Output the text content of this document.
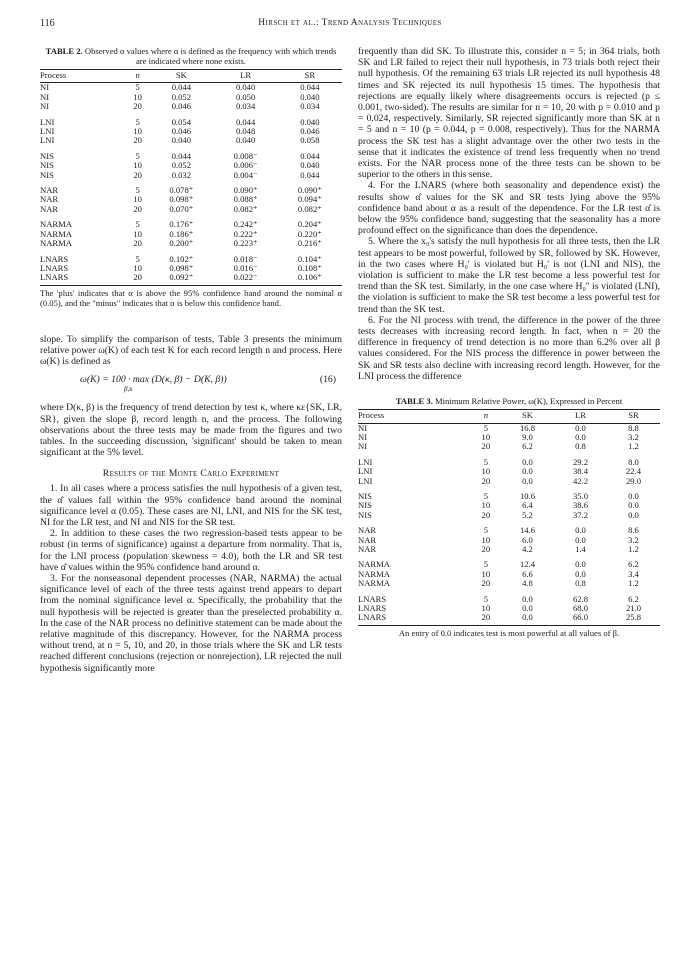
116	Hirsch et al.: Trend Analysis Techniques
TABLE 2. Observed α values where α is defined as the frequency with which trends are indicated where none exists.
Process	n	SK	LR	SR
NI	5	0.044	0.040	0.044
NI	10	0.052	0.050	0.040
NI	20	0.046	0.034	0.034
LNI	5	0.054	0.044	0.040
LNI	10	0.046	0.048	0.046
LNI	20	0.040	0.040	0.058
NIS	5	0.044	0.008⁻	0.044
NIS	10	0.052	0.006⁻	0.040
NIS	20	0.032	0.004⁻	0.044
NAR	5	0.078⁺	0.090⁺	0.090⁺
NAR	10	0.098⁺	0.088⁺	0.094⁺
NAR	20	0.070⁺	0.082⁺	0.082⁺
NARMA	5	0.176⁺	0.242⁺	0.204⁺
NARMA	10	0.186⁺	0.222⁺	0.220⁺
NARMA	20	0.200⁺	0.223⁺	0.216⁺
LNARS	5	0.102⁺	0.018⁻	0.104⁺
LNARS	10	0.098⁺	0.016⁻	0.108⁺
LNARS	20	0.092⁺	0.022⁻	0.106⁺

The 'plus' indicates that α is above the 95% confidence band around the nominal α (0.05), and the "minus" indicates that α is below this confidence band.

slope. To simplify the comparison of tests, Table 3 presents the minimum relative power ω(K) of each test K for each record length n and process. Here ω(K) is defined as

ω(K) = 100 · max (D(κ, β) − D(K, β))
β,κ
(16)

where D(κ, β) is the frequency of trend detection by test κ, where κε{SK, LR, SR}, given the slope β, record length n, and the process. The following observations about the three tests may be made from the figures and two tables. In the succeeding discussion, 'significant' should be taken to mean significant at the 5% level.

Results of the Monte Carlo Experiment

1. In all cases where a process satisfies the null hypothesis of a given test, the α̂ values fall within the 95% confidence band around the nominal significance level α (0.05). These cases are NI, LNI, and NIS for the SK test, NI for the LR test, and NI and NIS for the SR test.

2. In addition to these cases the two regression-based tests appear to be robust (in terms of significance) against a departure from normality. That is, for the LNI process (population skewness = 4.0), both the LR and SR test have α̂ values within the 95% confidence band around α.

3. For the nonseasonal dependent processes (NAR, NARMA) the actual significance level of each of the three tests against trend appears to depart from the nominal significance level α. Specifically, the probability that the null hypothesis will be rejected is greater than the preselected probability α. In the case of the NAR process no definitive statement can be made about the relative magnitude of this discrepancy. However, for the NARMA process without trend, at n = 5, 10, and 20, in those trials where the SK and LR tests reached different conclusions (rejection or nonrejection), LR rejected the null hypothesis significantly more

frequently than did SK. To illustrate this, consider n = 5; in 364 trials, both SK and LR failed to reject their null hypothesis, in 73 trials both reject their null hypothesis. Of the remaining 63 trials LR rejected its null hypothesis 48 times and SK rejected its null hypothesis 15 times. The hypothesis that rejections are equally likely where disagreements occurs is rejected (p ≤ 0.001, two-sided). The results are similar for n = 10, 20 with p = 0.010 and p = 0.024, respectively. Similarly, SR rejected significantly more than SK at n = 5 and n = 10 (p = 0.044, p = 0.008, respectively). Thus for the NARMA process the SK test has a slight advantage over the other two tests in the sense that it indicates the existence of trend less frequently when no trend exists. For the NAR process none of the three tests can be shown to be superior to the others in this sense.

4. For the LNARS (where both seasonality and dependence exist) the results show α̂ values for the SK and SR tests lying above the 95% confidence band about α as a result of the dependence. For the LR test α̂ is below the 95% confidence band, suggesting that the seasonality has a more profound effect on the significance than does the dependence.

5. Where the x₀'s satisfy the null hypothesis for all three tests, then the LR test appears to be most powerful, followed by SR, followed by SK. However, in the two cases where H₀' is violated but H₀' is not (LNI and NIS), the violation is sufficient to make the LR test become a less powerful test for trend than the SK test. Similarly, in the one case where H₀'' is violated (LNI), the violation is sufficient to make the SR test become a less powerful test for trend than the SK test.

6. For the NI process with trend, the difference in the power of the three tests decreases with increasing record length. In fact, when n = 20 the difference in frequency of trend detection is no more than 6.2% over all β values considered. For the NIS process the difference in power between the SK and SR tests also decline with increasing record length. However, for the LNI process the difference

TABLE 3. Minimum Relative Power, ω(K), Expressed in Percent
Process	n	SK	LR	SR
NI	5	16.8	0.0	8.8
NI	10	9.0	0.0	3.2
NI	20	6.2	0.8	1.2
LNI	5	0.0	29.2	8.0
LNI	10	0.0	38.4	22.4
LNI	20	0.0	42.2	29.0
NIS	5	10.6	35.0	0.0
NIS	10	6.4	38.6	0.0
NIS	20	5.2	37.2	0.0
NAR	5	14.6	0.0	8.6
NAR	10	6.0	0.0	3.2
NAR	20	4.2	1.4	1.2
NARMA	5	12.4	0.0	6.2
NARMA	10	6.6	0.0	3.4
NARMA	20	4.8	0.8	1.2
LNARS	5	0.0	62.8	6.2
LNARS	10	0.0	68.0	21.0
LNARS	20	0.0	66.0	25.8

An entry of 0.0 indicates test is most powerful at all values of β.
